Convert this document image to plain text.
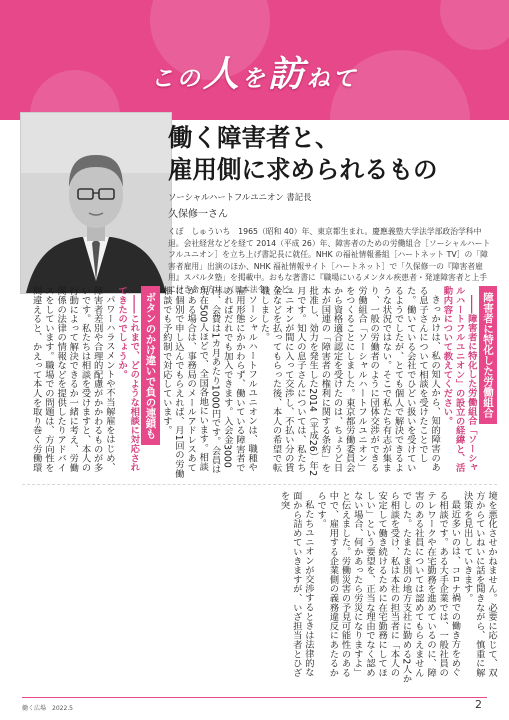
この人を訪ねて
働く障害者と、
雇用側に求められるもの
ソーシャルハートフルユニオン 書記長
久保修一さん
くぼ　しゅういち　1965（昭和 40）年、東京都生まれ。慶應義塾大学法学部政治学科中退。会社経営などを経て 2014（平成 26）年、障害者のための労働組合［ソーシャルハートフルユニオン］を立ち上げ書記長に就任。NHK の福祉情報番組［ハートネット TV］の「障害者雇用」出演のほか、NHK 福祉情報サイト［ハートネット］で「久保修一の『障害者雇用』スパルタ塾」を掲載中。おもな著書に『職場にいるメンタル疾患者・発達障害者と上手に付き合う方法』（日本法令）など。
障害者に特化した労働組合

――障害者に特化した労働組合「ソーシャルハートフルユニオン」の設立の経緯と、活動内容について教えてください。

きっかけは、私の知人から、知的障害のある息子さんについて相談を受けたことでした。働いている会社でひどい扱いを受けているようでしたが、とても個人で解決できるような状況ではない。そこで私たち有志が集まり、一般の労働者のように団体交渉ができる労働組合「ソーシャルハートフルユニオン」をつくることにしました。東京都労働委員会から資格適合認定を受けたのは、ちょうど日本が国連の「障害者の権利に関する条約」を批准し、効力を発生した2014（平成26）年2月です。知人の息子さんについては、私たちユニオンが間に入って交渉し、不払い分の賃金などを払ってもらった後、本人の希望で転職しました。

ソーシャルハートフルユニオンは、職種や雇用形態にかかわらず、働いている障害者であればだれでも加入できます。入会金3000円、会費は1カ月あたり1000円です。会員は現在500人ほどで、全国各地にいます。相談がある場合は、事務局のメールアドレスあてに個別で申し込んでもらえれば、月1回の労働相談でも予約制で対応しています。

ボタンのかけ違いで負の連鎖も

――これまで、どのような相談に対応されてきたのでしょうか。

パワーハラスメントや不当解雇をはじめ、障害者差別や合理的配慮がかかわるものが多いです。私たちは相談を受けますと、本人の行動によって解決できるか一緒に考え、労働関係の法律の情報などを提供したりアドバイスをしています。職場での問題は、方向性を間違えると、かえって本人を取り巻く労働環境を悪化させかねません。必要に応じて、双方からていねいに話を聞きながら、慎重に解決策を見出していきます。

最近多いのは、コロナ禍での働き方をめぐる相談です。ある大手企業では、一般社員のテレワークや在宅勤務を進めているのに、障害のある社員については認めてもらえませんでした。たまたま別の地方支社に勤める2人から相談を受け、私は本社の担当者に「本人の安定して働き続けるために在宅勤務にしてほしい」という要望を、正当な理由でなく認めない場合、何かあったら労災になりますよ」と伝えました。労働災害の予見可能性のある中で、雇用する企業側の義務違反にあたるからです。

私たちユニオンが交渉するときは法律的な面から詰めていきますが、いざ担当者とひざを突

働く広場　2022.5	2
